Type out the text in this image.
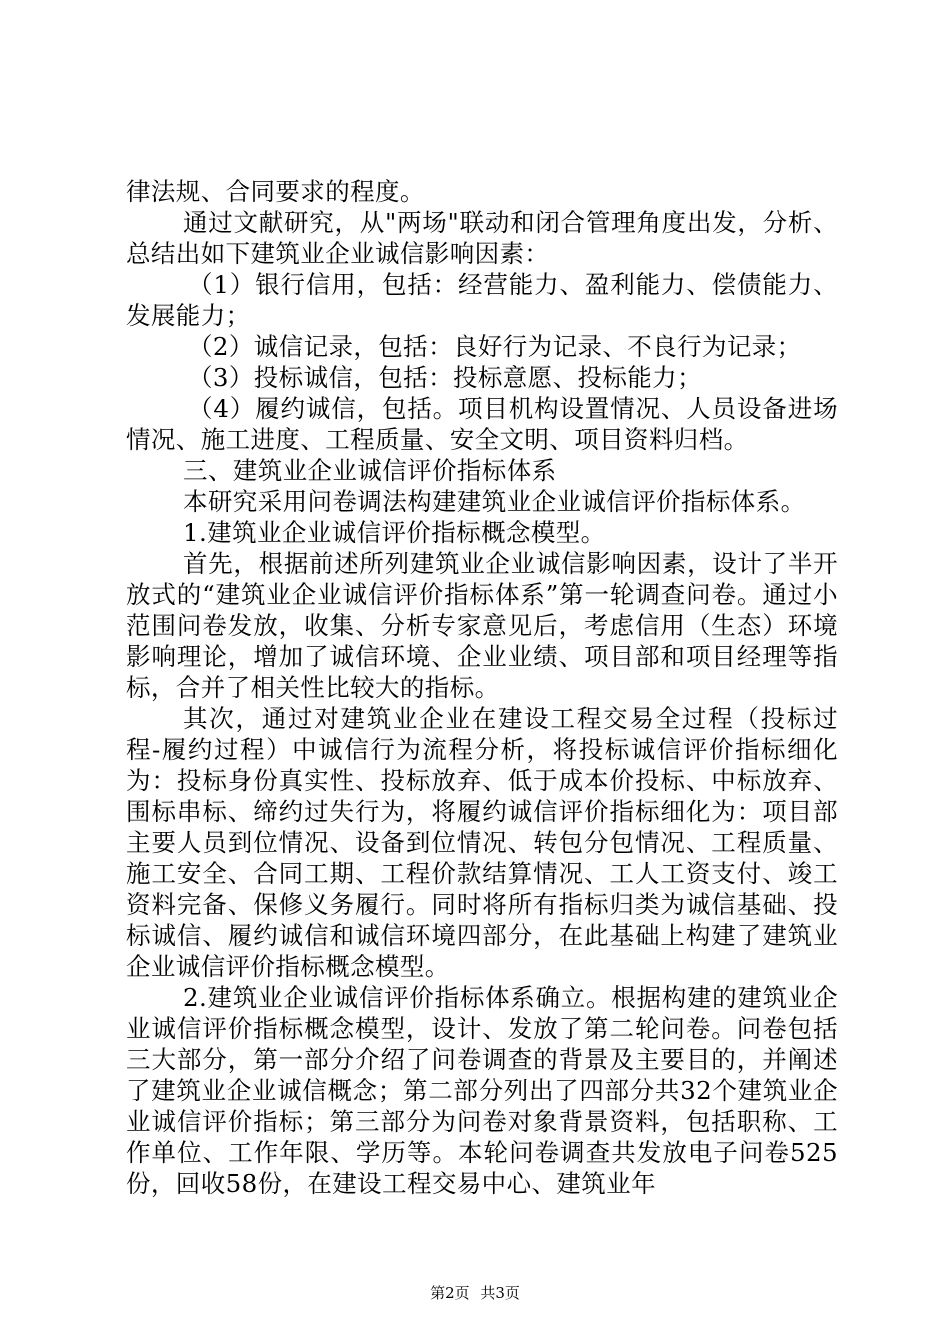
律法规、合同要求的程度。

通过文献研究，从"两场"联动和闭合管理角度出发，分析、总结出如下建筑业企业诚信影响因素：

（1）银行信用，包括：经营能力、盈利能力、偿债能力、发展能力；

（2）诚信记录，包括：良好行为记录、不良行为记录；

（3）投标诚信，包括：投标意愿、投标能力；

（4）履约诚信，包括。项目机构设置情况、人员设备进场情况、施工进度、工程质量、安全文明、项目资料归档。

三、建筑业企业诚信评价指标体系

本研究采用问卷调法构建建筑业企业诚信评价指标体系。

1.建筑业企业诚信评价指标概念模型。

首先，根据前述所列建筑业企业诚信影响因素，设计了半开放式的“建筑业企业诚信评价指标体系”第一轮调查问卷。通过小范围问卷发放，收集、分析专家意见后，考虑信用（生态）环境影响理论，增加了诚信环境、企业业绩、项目部和项目经理等指标，合并了相关性比较大的指标。

其次，通过对建筑业企业在建设工程交易全过程（投标过程-履约过程）中诚信行为流程分析，将投标诚信评价指标细化为：投标身份真实性、投标放弃、低于成本价投标、中标放弃、围标串标、缔约过失行为，将履约诚信评价指标细化为：项目部主要人员到位情况、设备到位情况、转包分包情况、工程质量、施工安全、合同工期、工程价款结算情况、工人工资支付、竣工资料完备、保修义务履行。同时将所有指标归类为诚信基础、投标诚信、履约诚信和诚信环境四部分，在此基础上构建了建筑业企业诚信评价指标概念模型。

2.建筑业企业诚信评价指标体系确立。根据构建的建筑业企业诚信评价指标概念模型，设计、发放了第二轮问卷。问卷包括三大部分，第一部分介绍了问卷调查的背景及主要目的，并阐述了建筑业企业诚信概念；第二部分列出了四部分共32个建筑业企业诚信评价指标；第三部分为问卷对象背景资料，包括职称、工作单位、工作年限、学历等。本轮问卷调查共发放电子问卷525份，回收58份，在建设工程交易中心、建筑业年

第2页 共3页
